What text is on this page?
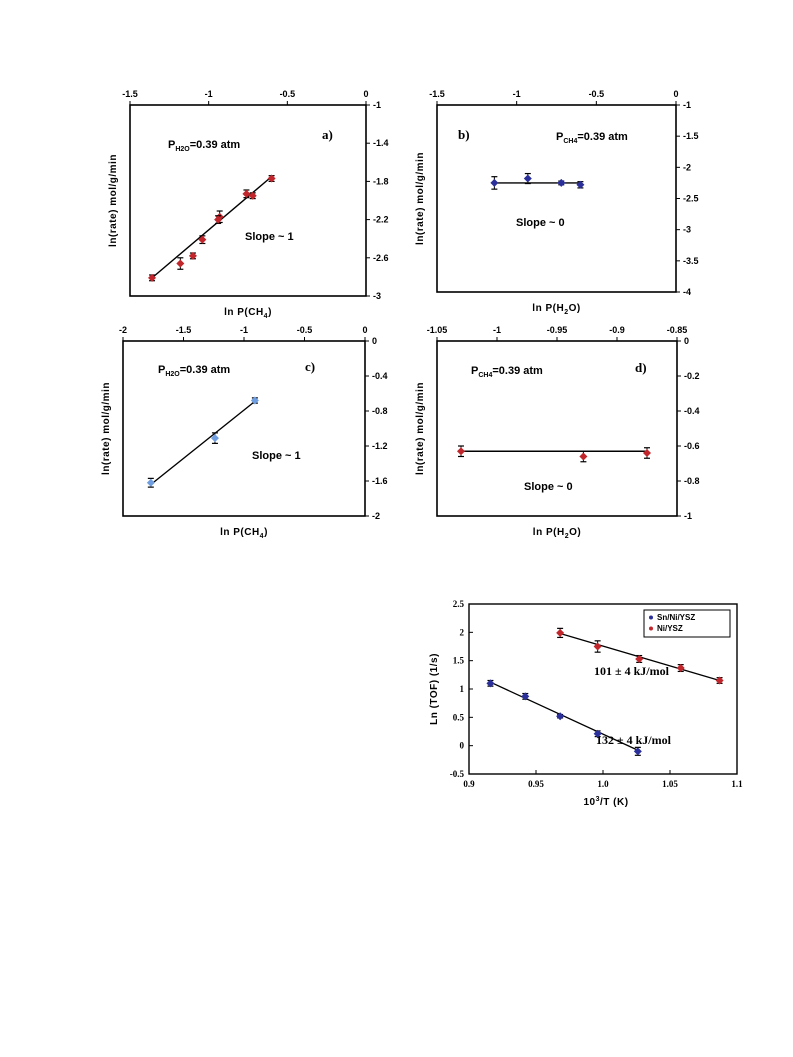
-1.5	-1	-0.5	0
-1
-1.4
-1.8
-2.2
-2.6
-3
$\ln P(CH_4)$
ln(rate) mol/g/min
$P_{H2O}=0.39$ atm
a)
Slope ~ 1
-1.5	-1	-0.5	0
-1
-1.5
-2
-2.5
-3
-3.5
-4
$\ln P(H_2O)$
ln(rate) mol/g/min
$P_{CH4}=0.39$ atm
b)
Slope ~ 0
-2	-1.5	-1	-0.5	0
0
-0.4
-0.8
-1.2
-1.6
-2
$\ln P(CH_4)$
ln(rate) mol/g/min
$P_{H2O}=0.39$ atm	c)
Slope ~ 1
-1.05	-1	-0.95	-0.9	-0.85
0
-0.2
-0.4
-0.6
-0.8
-1
$\ln P(H_2O)$
ln(rate) mol/g/min
$P_{CH4}=0.39$ atm	d)
Slope ~ 0
0.9	0.95	1.0	1.05	1.1
2.5
2
1.5
1
0.5
0
-0.5
$10^3/T$ (K)
Ln (TOF) (1/s)
132 ± 4 kJ/mol
101 ± 4 kJ/mol
Sn/Ni/YSZ
Ni/YSZ
